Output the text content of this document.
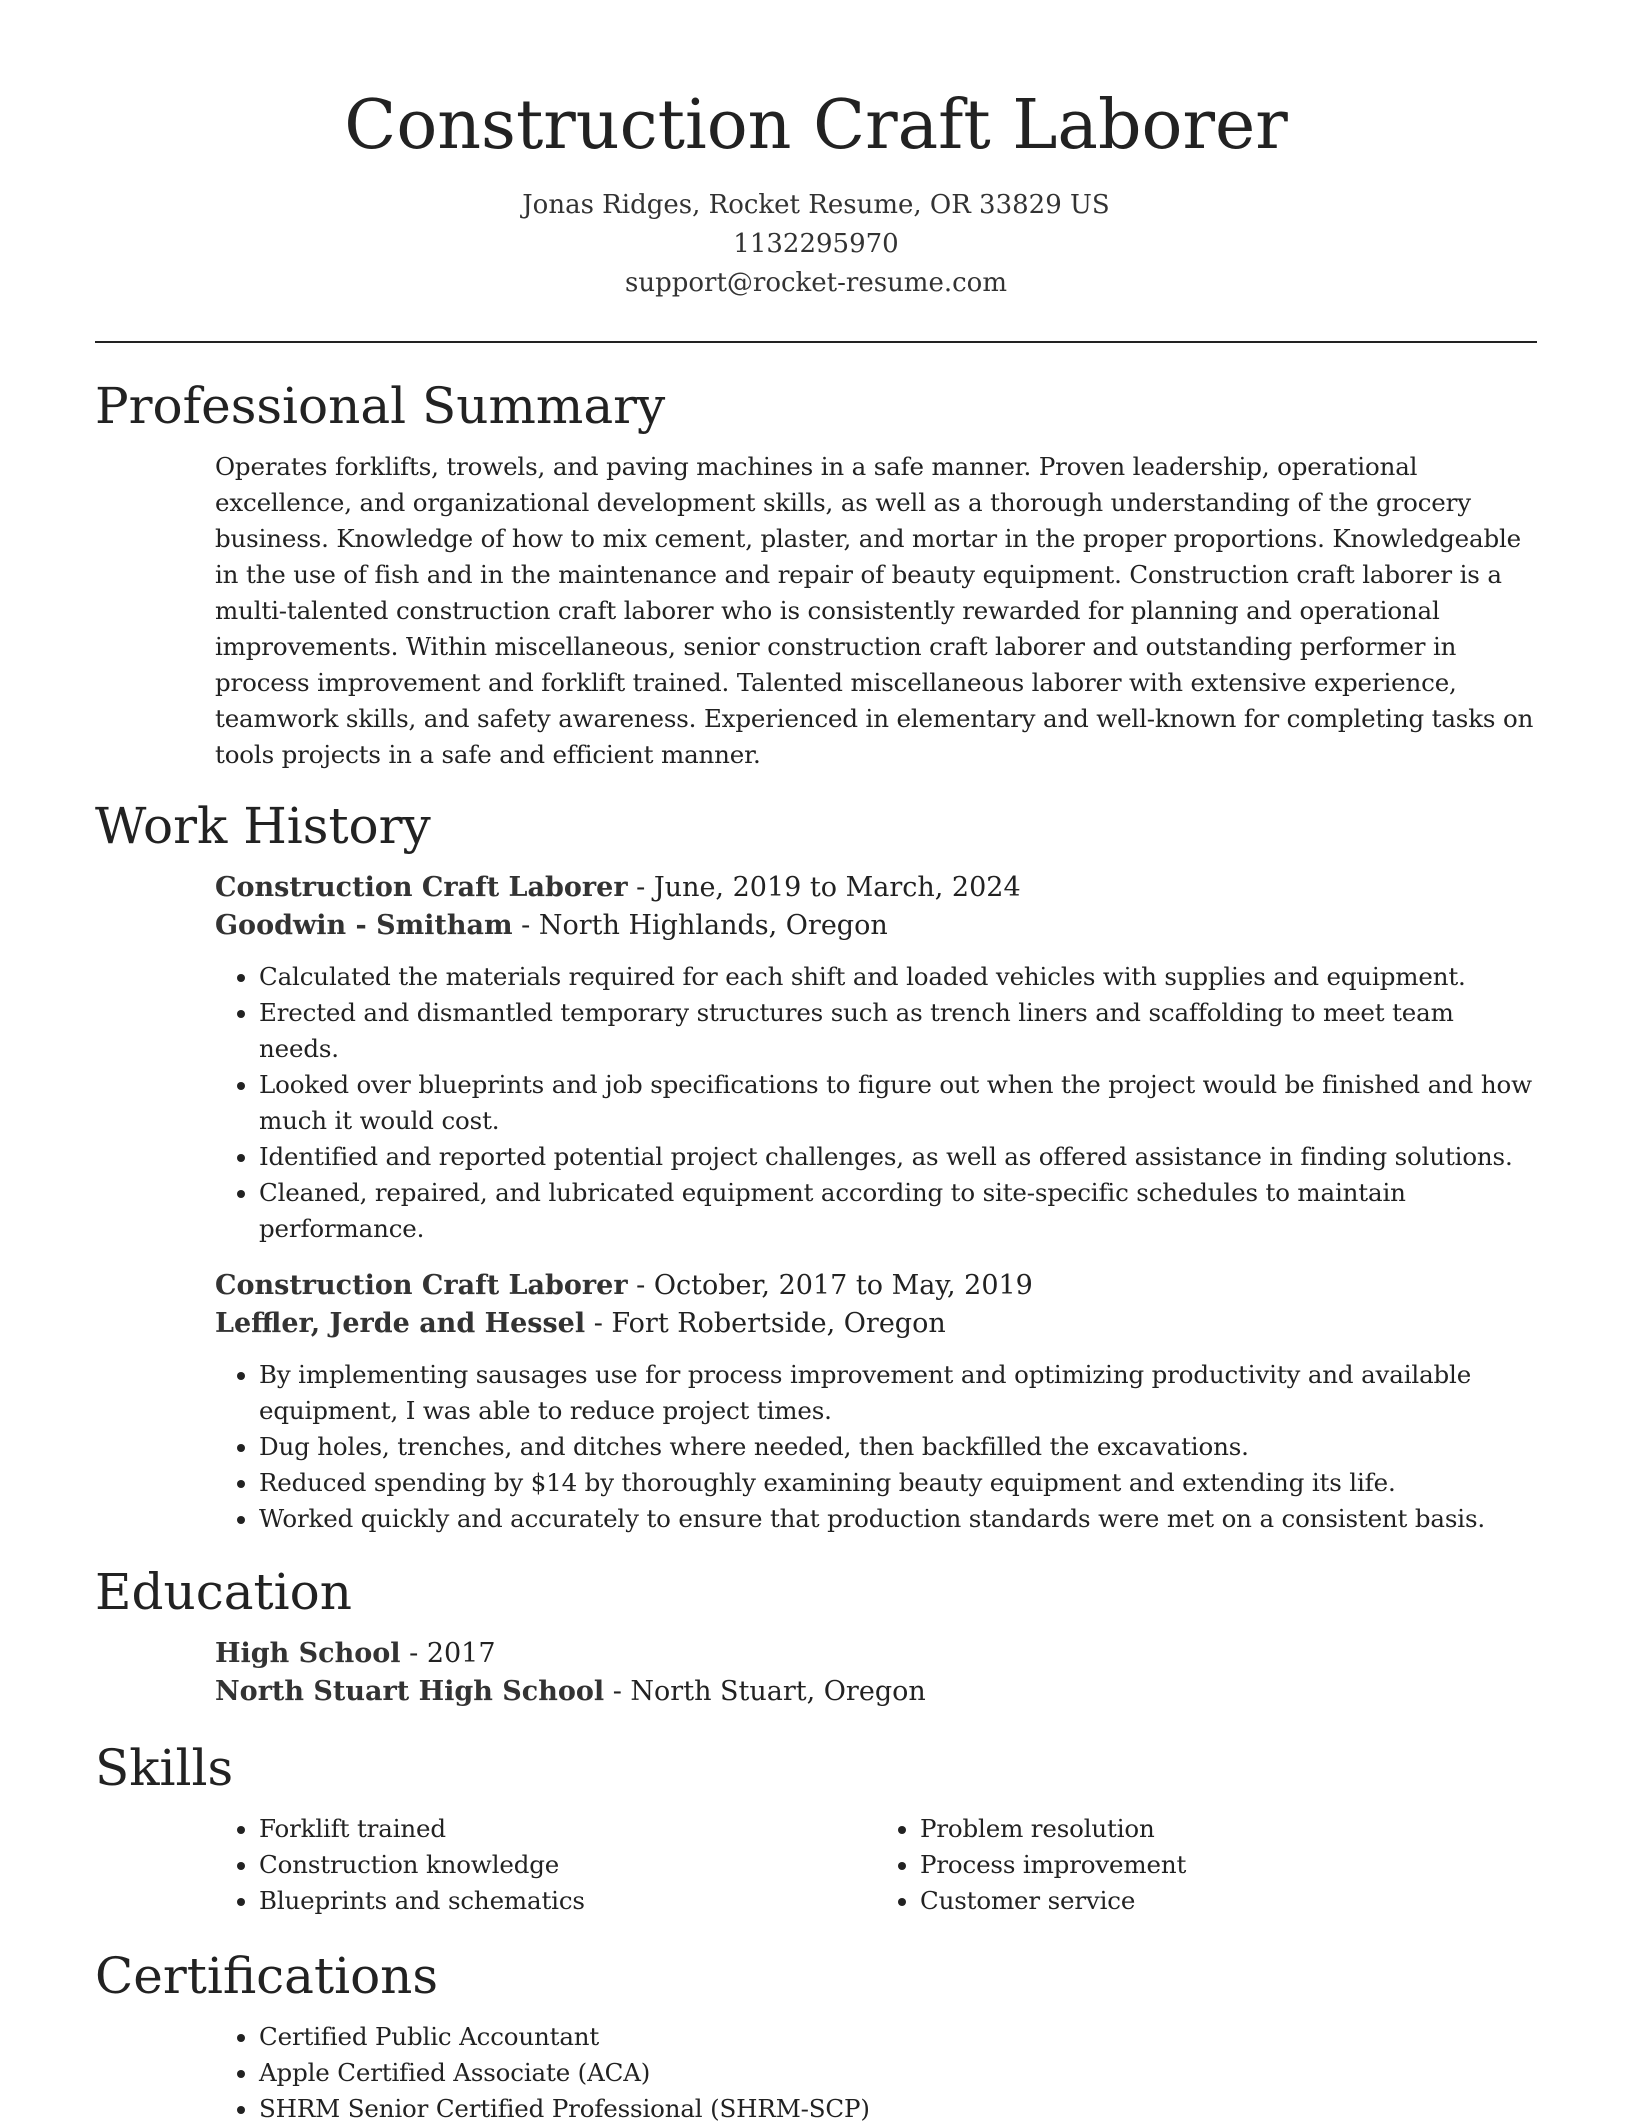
Construction Craft Laborer
Jonas Ridges, Rocket Resume, OR 33829 US
1132295970
support@rocket-resume.com
Professional Summary

Operates forklifts, trowels, and paving machines in a safe manner. Proven leadership, operational excellence, and organizational development skills, as well as a thorough understanding of the grocery business. Knowledge of how to mix cement, plaster, and mortar in the proper proportions. Knowledgeable in the use of fish and in the maintenance and repair of beauty equipment. Construction craft laborer is a multi-talented construction craft laborer who is consistently rewarded for planning and operational improvements. Within miscellaneous, senior construction craft laborer and outstanding performer in process improvement and forklift trained. Talented miscellaneous laborer with extensive experience, teamwork skills, and safety awareness. Experienced in elementary and well-known for completing tasks on tools projects in a safe and efficient manner.

Work History
Construction Craft Laborer - June, 2019 to March, 2024
Goodwin - Smitham - North Highlands, Oregon
• Calculated the materials required for each shift and loaded vehicles with supplies and equipment.
• Erected and dismantled temporary structures such as trench liners and scaffolding to meet team needs.
• Looked over blueprints and job specifications to figure out when the project would be finished and how much it would cost.
• Identified and reported potential project challenges, as well as offered assistance in finding solutions.
• Cleaned, repaired, and lubricated equipment according to site-specific schedules to maintain performance.
Construction Craft Laborer - October, 2017 to May, 2019
Leffler, Jerde and Hessel - Fort Robertside, Oregon
• By implementing sausages use for process improvement and optimizing productivity and available equipment, I was able to reduce project times.
• Dug holes, trenches, and ditches where needed, then backfilled the excavations.
• Reduced spending by $14 by thoroughly examining beauty equipment and extending its life.
• Worked quickly and accurately to ensure that production standards were met on a consistent basis.
Education
High School - 2017
North Stuart High School - North Stuart, Oregon
Skills
• Forklift trained
• Construction knowledge
• Blueprints and schematics
• Problem resolution
• Process improvement
• Customer service
Certifications
• Certified Public Accountant
• Apple Certified Associate (ACA)
• SHRM Senior Certified Professional (SHRM-SCP)
